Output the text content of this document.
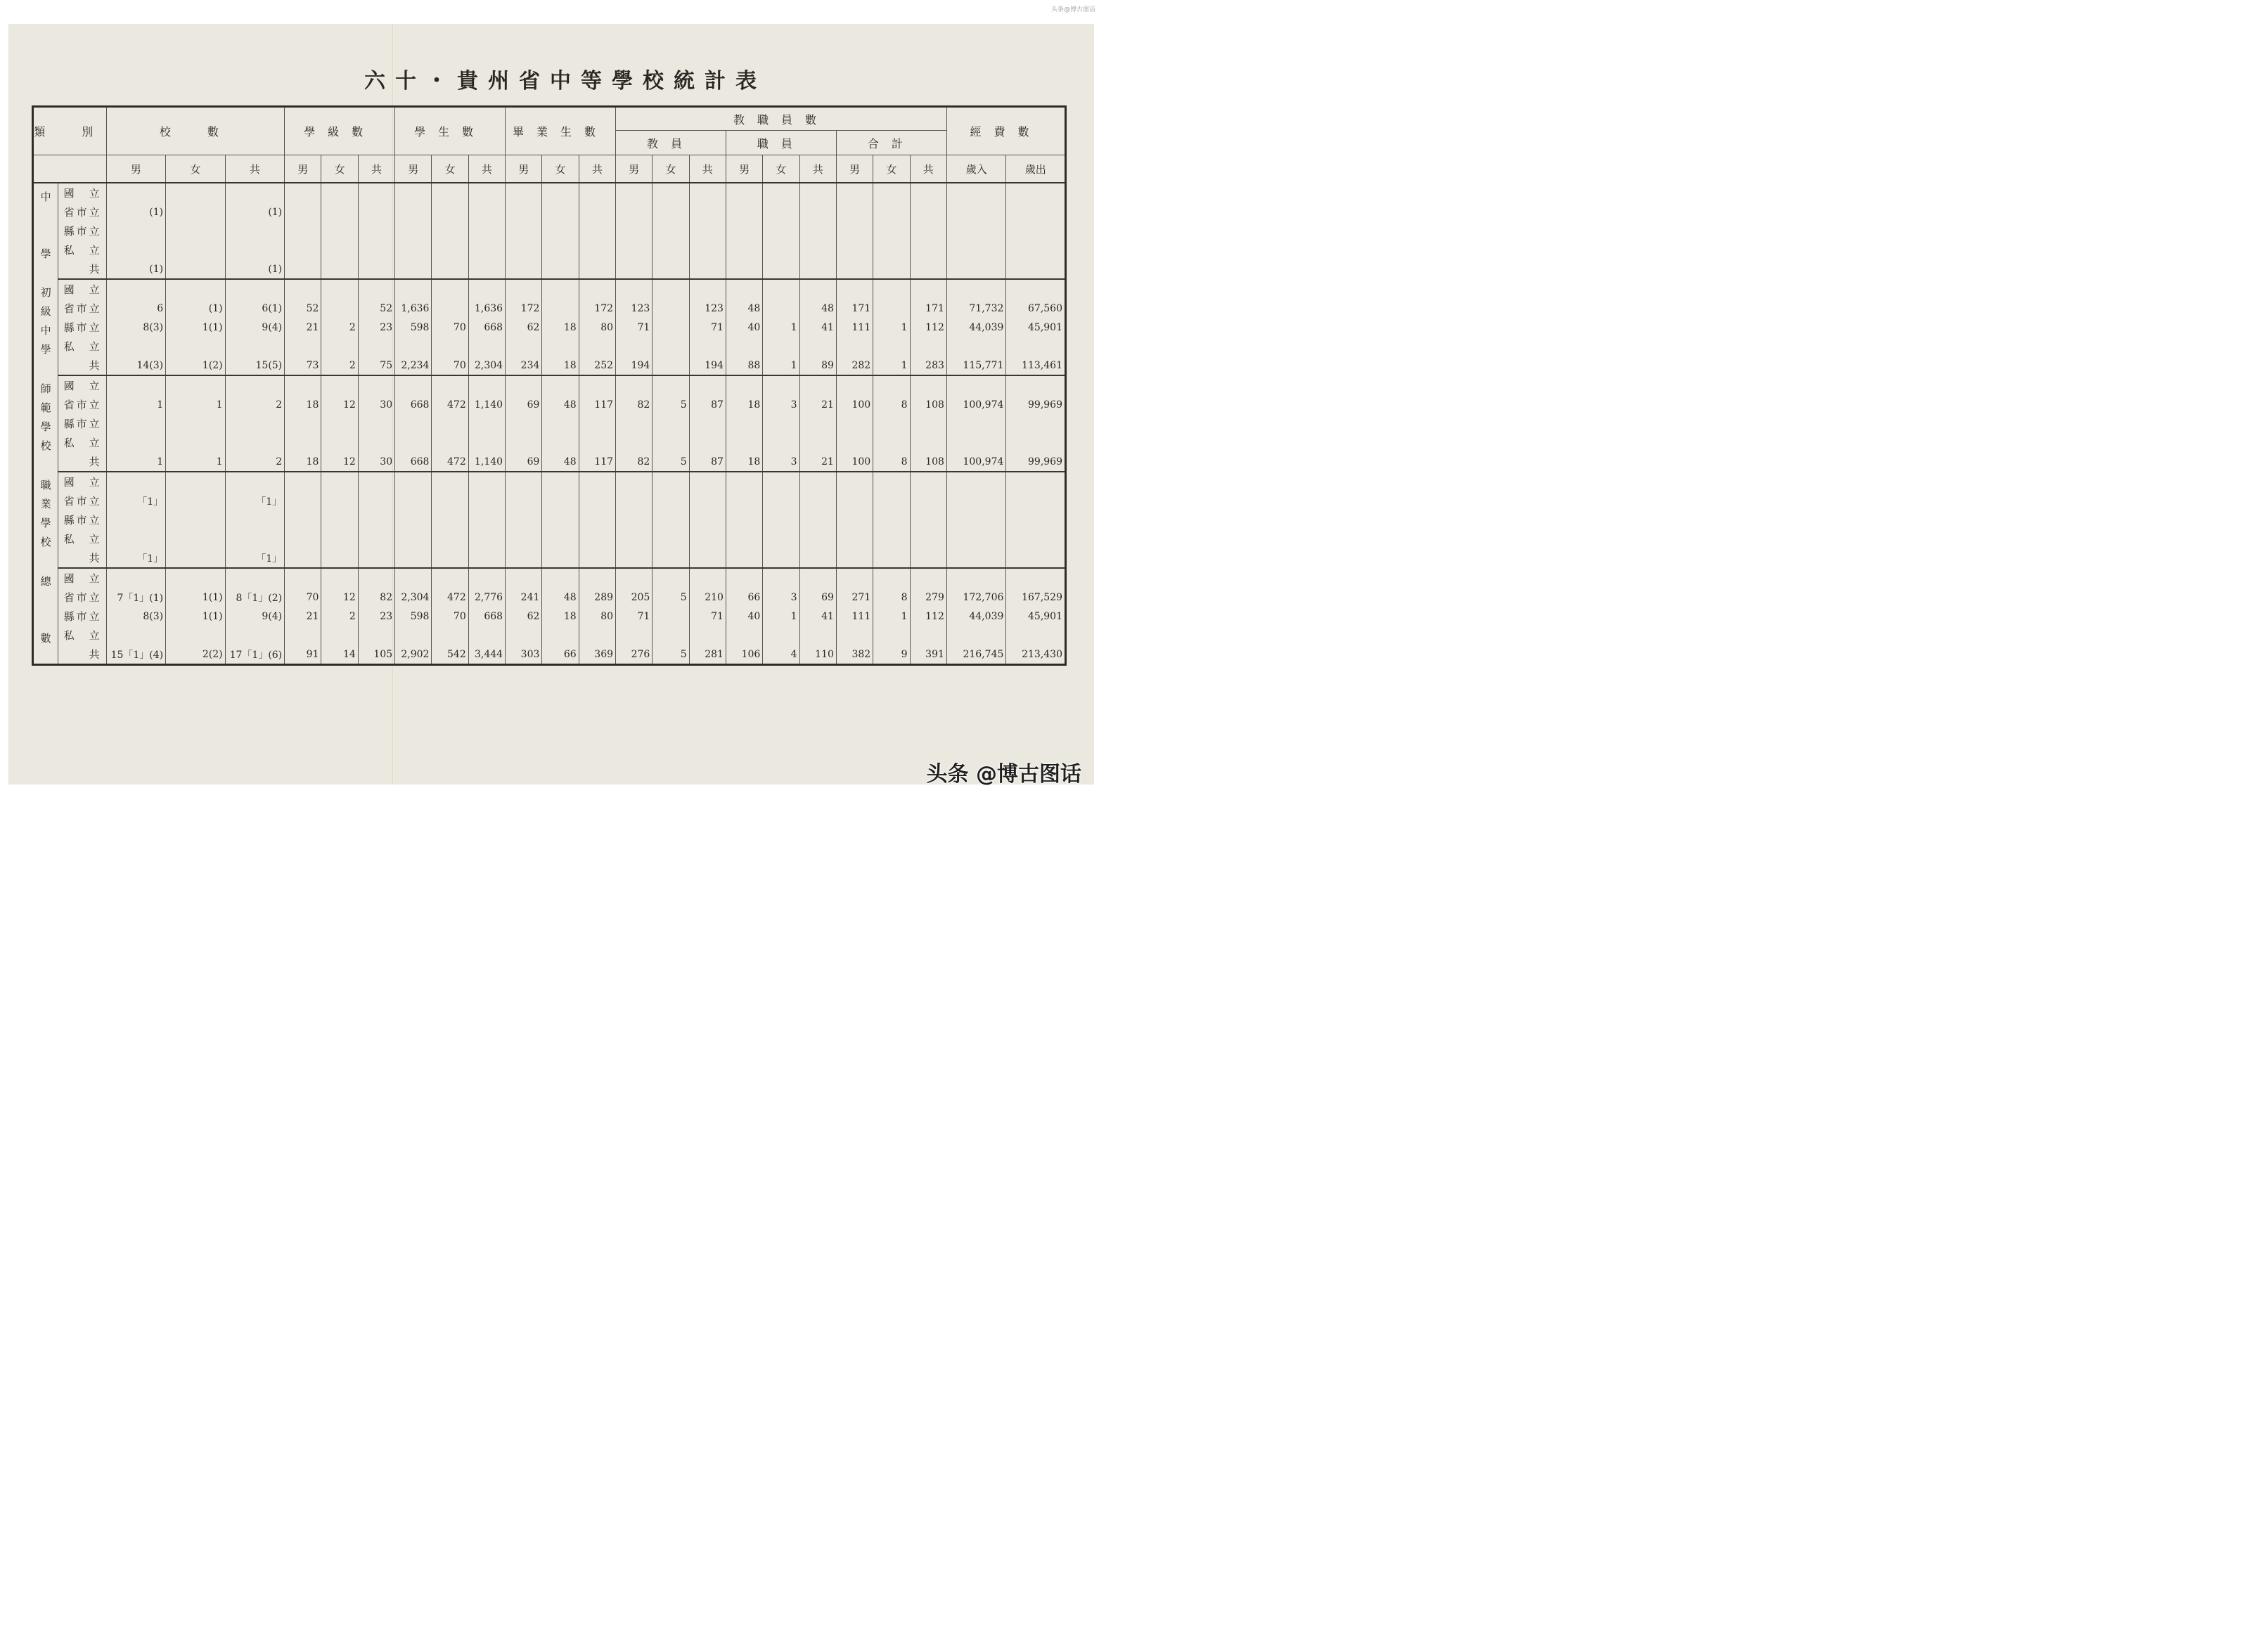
头条@博古图话
六十・貴州省中等學校統計表
類　別		校　數			學級數			學生數			畢業生數			教職員數									經費數	
														教員			職員			合計				
		男	女	共	男	女	共	男	女	共	男	女	共	男	女	共	男	女	共	男	女	共	歲入	歲出

中

學	國　立																							
	省市立	(1)		(1)																				
	縣市立																							
	私　立																							
	共	(1)		(1)																				

初
級
中
學	國　立																							
	省市立	6	(1)	6(1)	52		52	1,636		1,636	172		172	123		123	48		48	171		171	71,732	67,560
	縣市立	8(3)	1(1)	9(4)	21	2	23	598	70	668	62	18	80	71		71	40	1	41	111	1	112	44,039	45,901
	私　立																							
	共	14(3)	1(2)	15(5)	73	2	75	2,234	70	2,304	234	18	252	194		194	88	1	89	282	1	283	115,771	113,461

師
範
學
校	國　立																							
	省市立	1	1	2	18	12	30	668	472	1,140	69	48	117	82	5	87	18	3	21	100	8	108	100,974	99,969
	縣市立																							
	私　立																							
	共	1	1	2	18	12	30	668	472	1,140	69	48	117	82	5	87	18	3	21	100	8	108	100,974	99,969

職
業
學
校	國　立																							
	省市立	「1」		「1」																				
	縣市立																							
	私　立																							
	共	「1」		「1」																				

總

數	國　立																							
	省市立	7「1」(1)	1(1)	8「1」(2)	70	12	82	2,304	472	2,776	241	48	289	205	5	210	66	3	69	271	8	279	172,706	167,529
	縣市立	8(3)	1(1)	9(4)	21	2	23	598	70	668	62	18	80	71		71	40	1	41	111	1	112	44,039	45,901
	私　立																							
	共	15「1」(4)	2(2)	17「1」(6)	91	14	105	2,902	542	3,444	303	66	369	276	5	281	106	4	110	382	9	391	216,745	213,430
头条 @博古图话
